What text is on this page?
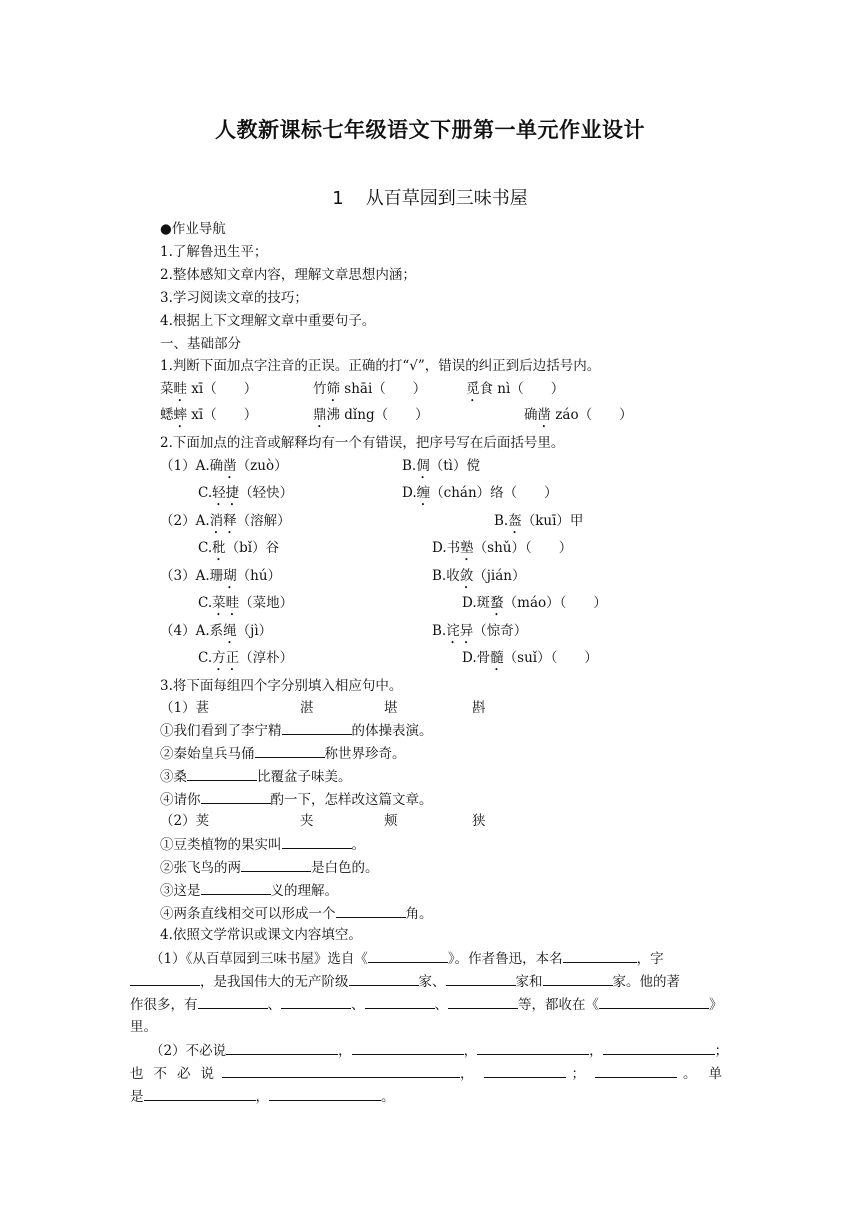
人教新课标七年级语文下册第一单元作业设计
1 从百草园到三味书屋
●作业导航
1.了解鲁迅生平；
2.整体感知文章内容，理解文章思想内涵；
3.学习阅读文章的技巧；
4.根据上下文理解文章中重要句子。
一、基础部分
1.判断下面加点字注音的正误。正确的打“√”，错误的纠正到后边括号内。
菜畦 xī（　　）	竹筛 shāi（　　）	觅食 nì（　　）
蟋蟀 xī（　　）	鼎沸 dǐng（　　）	确凿 záo（　　）
2.下面加点的注音或解释均有一个有错误，把序号写在后面括号里。
（1）A.确凿（zuò）	B.倜（tì）傥
C.轻捷（轻快）	D.缠（chán）络（　　）
（2）A.消释（溶解）	B.盔（kuī）甲
C.秕（bǐ）谷	D.书塾（shǔ）（　　）
（3）A.珊瑚（hú）	B.收敛（jián）
C.菜畦（菜地）	D.斑蝥（máo）（　　）
（4）A.系绳（jì）	B.诧异（惊奇）
C.方正（淳朴）	D.骨髓（suǐ）（　　）
3.将下面每组四个字分别填入相应句中。
（1）葚	湛	堪	斟
①我们看到了李宁精	的体操表演。
②秦始皇兵马俑	称世界珍奇。
③桑	比覆盆子味美。
④请你	酌一下，怎样改这篇文章。
（2）荚	夹	颊	狭
①豆类植物的果实叫	。
②张飞鸟的两	是白色的。
③这是	义的理解。
④两条直线相交可以形成一个	角。
4.依照文学常识或课文内容填空。
（1）《从百草园到三味书屋》选自《	》。作者鲁迅，本名	，字
，是我国伟大的无产阶级	家、	家和	家。他的著
作很多，有	、	、	、	等，都收在《	》
里。
（2）不必说	，	，	，	；
也 不 必 说	，	；	。 单
是	，	。
